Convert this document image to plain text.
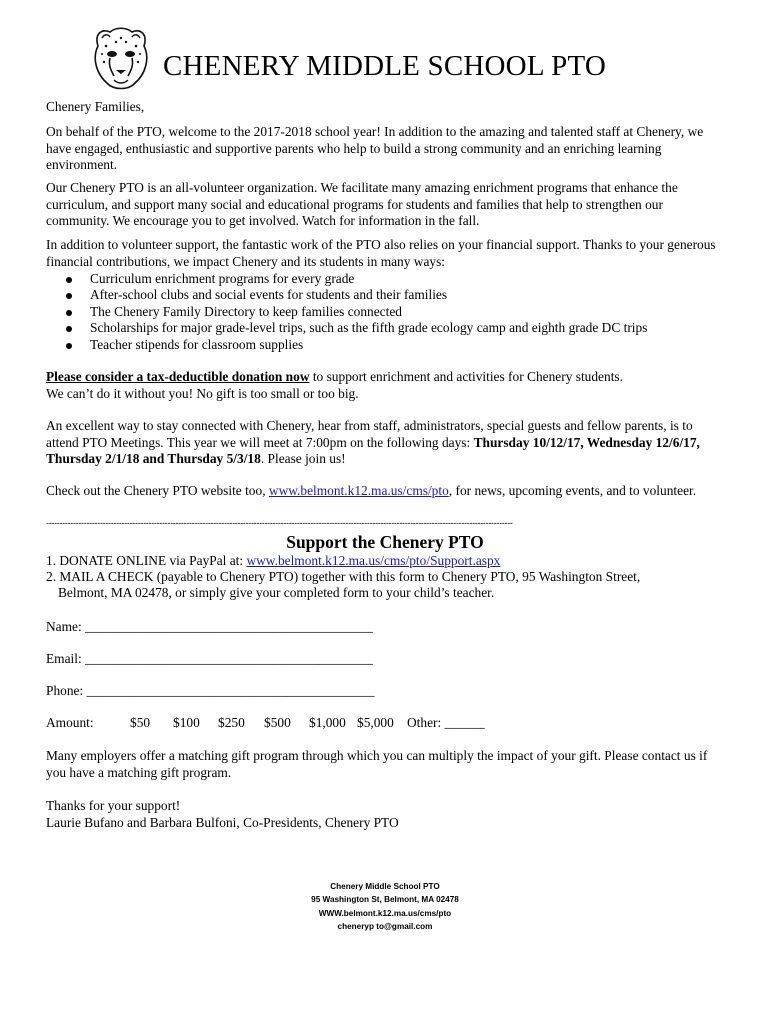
CHENERY MIDDLE SCHOOL PTO

Chenery Families,

On behalf of the PTO, welcome to the 2017-2018 school year! In addition to the amazing and talented staff at Chenery, we have engaged, enthusiastic and supportive parents who help to build a strong community and an enriching learning environment.

Our Chenery PTO is an all-volunteer organization. We facilitate many amazing enrichment programs that enhance the curriculum, and support many social and educational programs for students and families that help to strengthen our community. We encourage you to get involved. Watch for information in the fall.

In addition to volunteer support, the fantastic work of the PTO also relies on your financial support. Thanks to your generous financial contributions, we impact Chenery and its students in many ways:

Curriculum enrichment programs for every grade
After-school clubs and social events for students and their families
The Chenery Family Directory to keep families connected
Scholarships for major grade-level trips, such as the fifth grade ecology camp and eighth grade DC trips
Teacher stipends for classroom supplies

Please consider a tax-deductible donation now to support enrichment and activities for Chenery students.

We can’t do it without you! No gift is too small or too big.

An excellent way to stay connected with Chenery, hear from staff, administrators, special guests and fellow parents, is to attend PTO Meetings. This year we will meet at 7:00pm on the following days: Thursday 10/12/17, Wednesday 12/6/17, Thursday 2/1/18 and Thursday 5/3/18. Please join us!

Check out the Chenery PTO website too, www.belmont.k12.ma.us/cms/pto, for news, upcoming events, and to volunteer.

-----------------------------------------------------------------------------------------------------------------------------------------------------------------------------
Support the Chenery PTO
1. DONATE ONLINE via PayPal at: www.belmont.k12.ma.us/cms/pto/Support.aspx
2. MAIL A CHECK (payable to Chenery PTO) together with this form to Chenery PTO, 95 Washington Street,
Belmont, MA 02478, or simply give your completed form to your child’s teacher.
Name: ___________________________________________
Email: ___________________________________________
Phone: ___________________________________________
Amount:	$50 $100 $250 $500 $1,000 $5,000 Other: ______

Many employers offer a matching gift program through which you can multiply the impact of your gift. Please contact us if you have a matching gift program.

Thanks for your support!

Laurie Bufano and Barbara Bulfoni, Co-Presidents, Chenery PTO

Chenery Middle School PTO
95 Washington St, Belmont, MA 02478
WWW.belmont.k12.ma.us/cms/pto
cheneryp to@gmail.com
